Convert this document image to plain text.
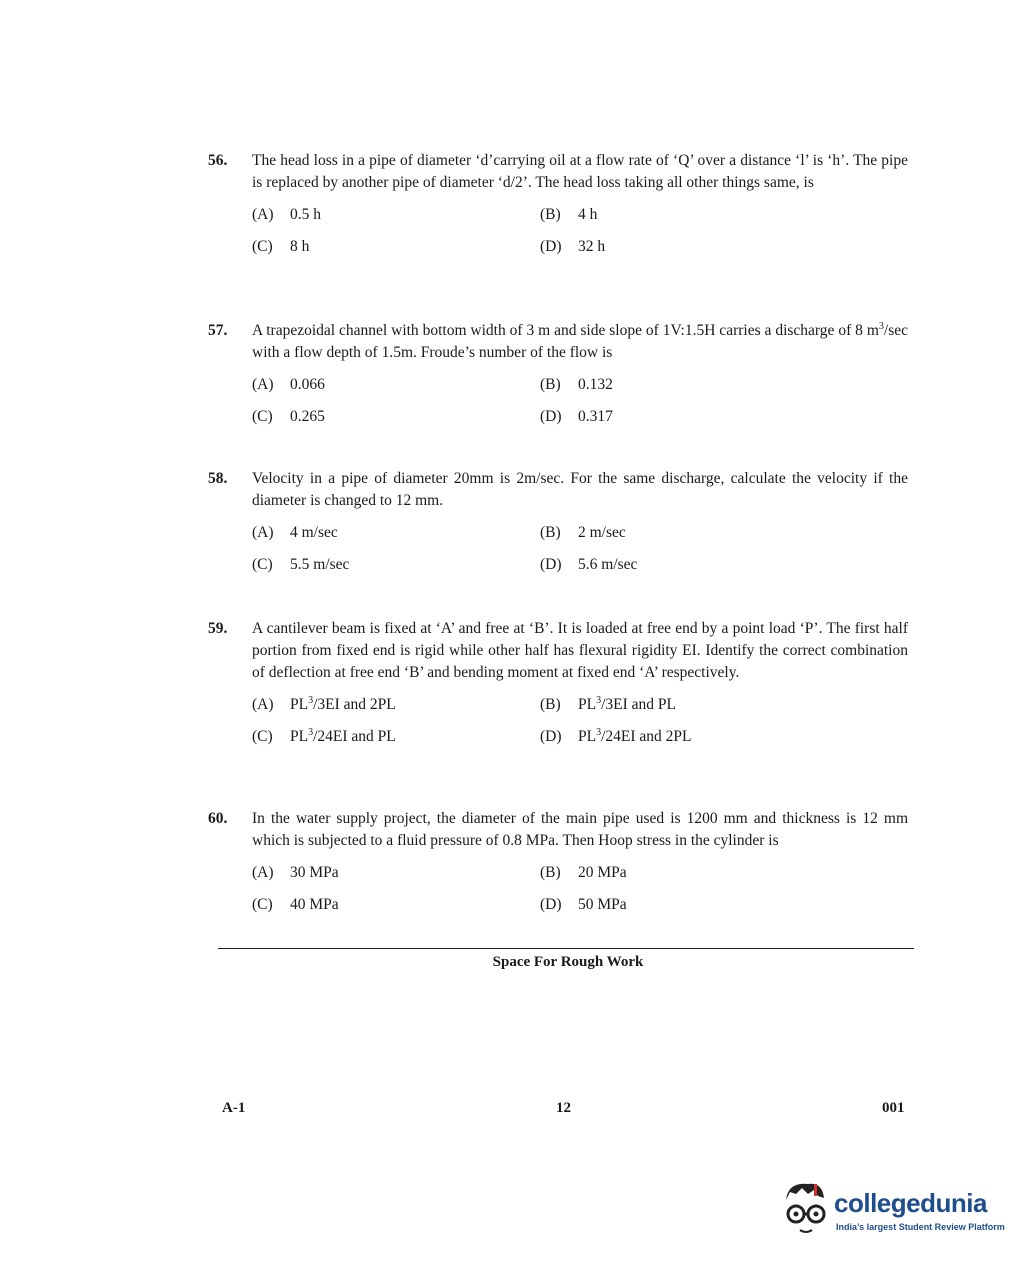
56. The head loss in a pipe of diameter ‘d’carrying oil at a flow rate of ‘Q’ over a distance ‘l’ is ‘h’. The pipe is replaced by another pipe of diameter ‘d/2’. The head loss taking all other things same, is
(A)	0.5 h	(B)	4 h
(C)	8 h	(D)	32 h
57. A trapezoidal channel with bottom width of 3 m and side slope of 1V:1.5H carries a discharge of 8 $m^3/\sec$ with a flow depth of 1.5m. Froude’s number of the flow is
(A)	0.066	(B)	0.132
(C)	0.265	(D)	0.317
58. Velocity in a pipe of diameter 20mm is 2m/sec. For the same discharge, calculate the velocity if the diameter is changed to 12 mm.
(A)	4 m/sec	(B)	2 m/sec
(C)	5.5 m/sec	(D)	5.6 m/sec
59. A cantilever beam is fixed at ‘A’ and free at ‘B’. It is loaded at free end by a point load ‘P’. The first half portion from fixed end is rigid while other half has flexural rigidity EI. Identify the correct combination of deflection at free end ‘B’ and bending moment at fixed end ‘A’ respectively.
(A)	$PL^3/3EI$ and 2PL	(B)	$PL^3/3EI$ and PL
(C)	$PL^3/24EI$ and PL	(D)	$PL^3/24EI$ and 2PL
60. In the water supply project, the diameter of the main pipe used is 1200 mm and thickness is 12 mm which is subjected to a fluid pressure of 0.8 MPa. Then Hoop stress in the cylinder is
(A)	30 MPa	(B)	20 MPa
(C)	40 MPa	(D)	50 MPa
Space For Rough Work
A-1	12	001
collegedunia
India’s largest Student Review Platform
